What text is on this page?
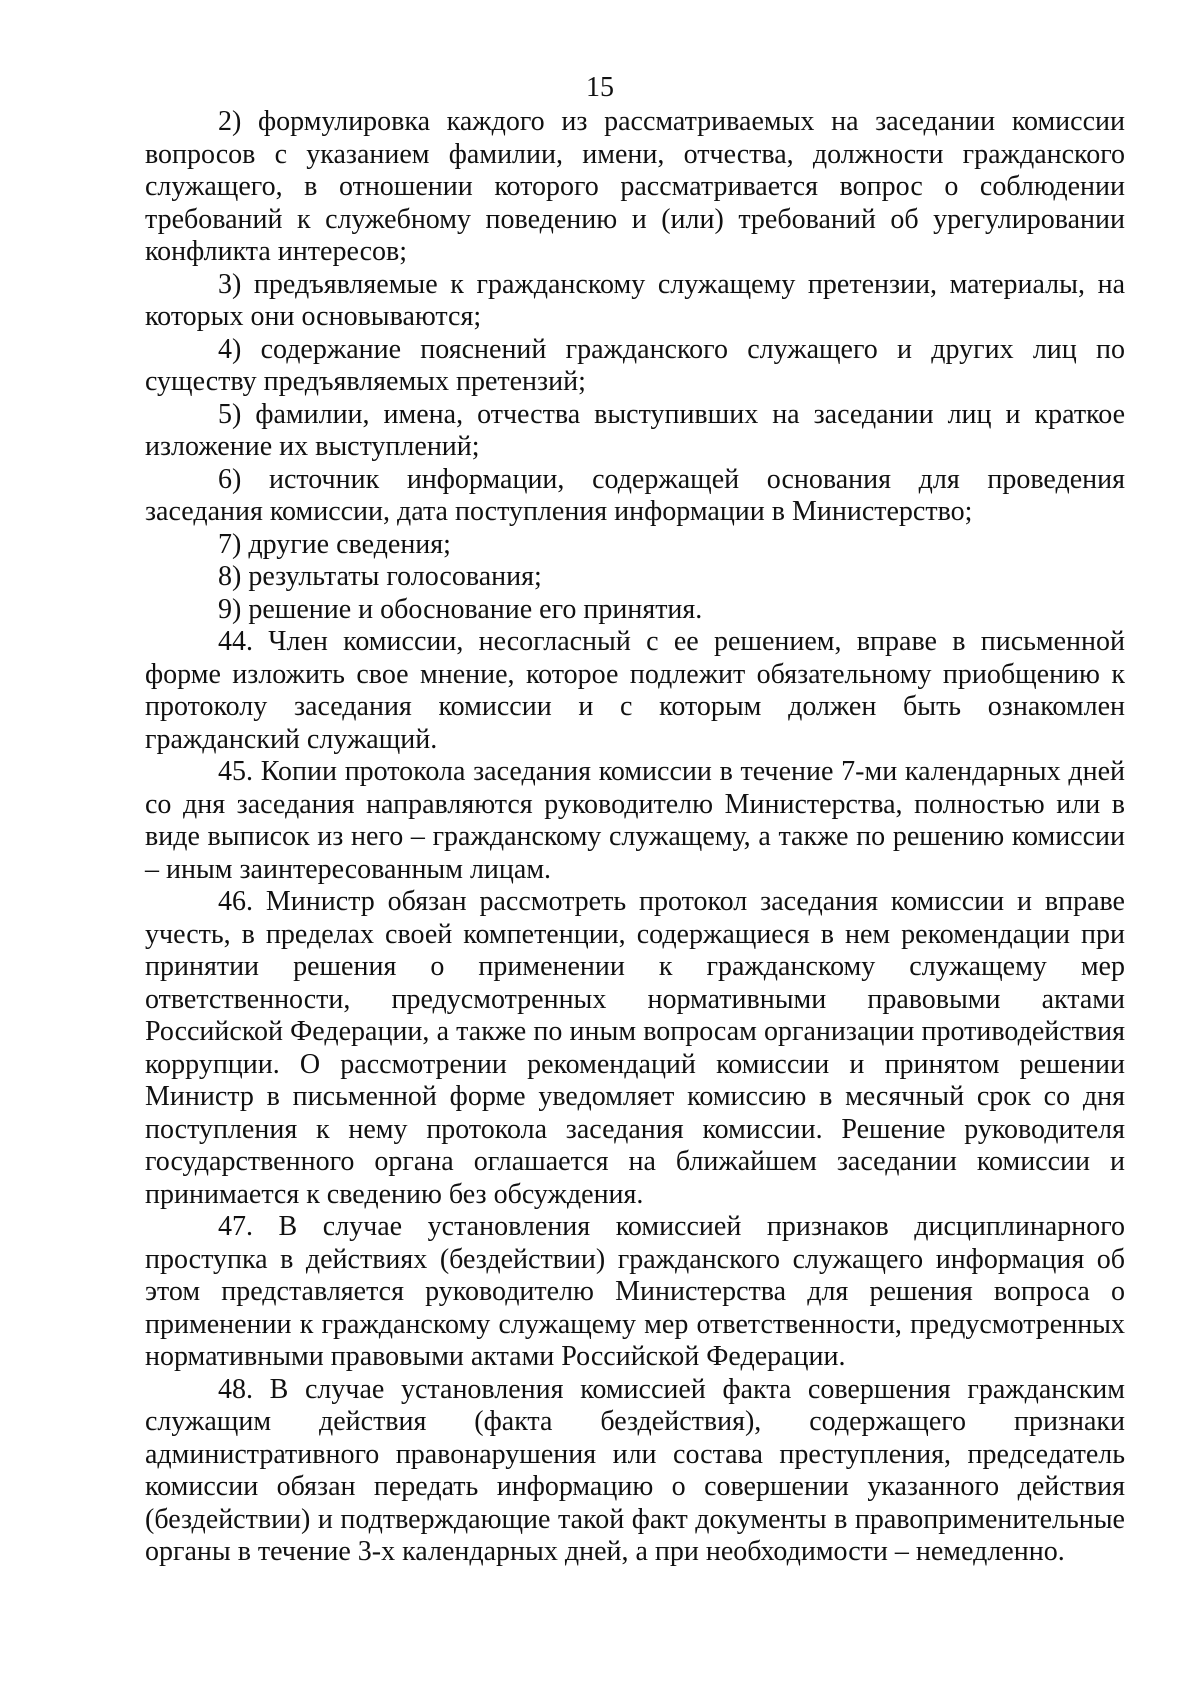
15

2) формулировка каждого из рассматриваемых на заседании комиссии вопросов с указанием фамилии, имени, отчества, должности гражданского служащего, в отношении которого рассматривается вопрос о соблюдении требований к служебному поведению и (или) требований об урегулировании конфликта интересов;

3) предъявляемые к гражданскому служащему претензии, материалы, на которых они основываются;

4) содержание пояснений гражданского служащего и других лиц по существу предъявляемых претензий;

5) фамилии, имена, отчества выступивших на заседании лиц и краткое изложение их выступлений;

6) источник информации, содержащей основания для проведения заседания комиссии, дата поступления информации в Министерство;

7) другие сведения;

8) результаты голосования;

9) решение и обоснование его принятия.

44. Член комиссии, несогласный с ее решением, вправе в письменной форме изложить свое мнение, которое подлежит обязательному приобщению к протоколу заседания комиссии и с которым должен быть ознакомлен гражданский служащий.

45. Копии протокола заседания комиссии в течение 7-ми календарных дней со дня заседания направляются руководителю Министерства, полностью или в виде выписок из него – гражданскому служащему, а также по решению комиссии – иным заинтересованным лицам.

46. Министр обязан рассмотреть протокол заседания комиссии и вправе учесть, в пределах своей компетенции, содержащиеся в нем рекомендации при принятии решения о применении к гражданскому служащему мер ответственности, предусмотренных нормативными правовыми актами Российской Федерации, а также по иным вопросам организации противодействия коррупции. О рассмотрении рекомендаций комиссии и принятом решении Министр в письменной форме уведомляет комиссию в месячный срок со дня поступления к нему протокола заседания комиссии. Решение руководителя государственного органа оглашается на ближайшем заседании комиссии и принимается к сведению без обсуждения.

47. В случае установления комиссией признаков дисциплинарного проступка в действиях (бездействии) гражданского служащего информация об этом представляется руководителю Министерства для решения вопроса о применении к гражданскому служащему мер ответственности, предусмотренных нормативными правовыми актами Российской Федерации.

48. В случае установления комиссией факта совершения гражданским служащим действия (факта бездействия), содержащего признаки административного правонарушения или состава преступления, председатель комиссии обязан передать информацию о совершении указанного действия (бездействии) и подтверждающие такой факт документы в правоприменительные органы в течение 3-х календарных дней, а при необходимости – немедленно.
